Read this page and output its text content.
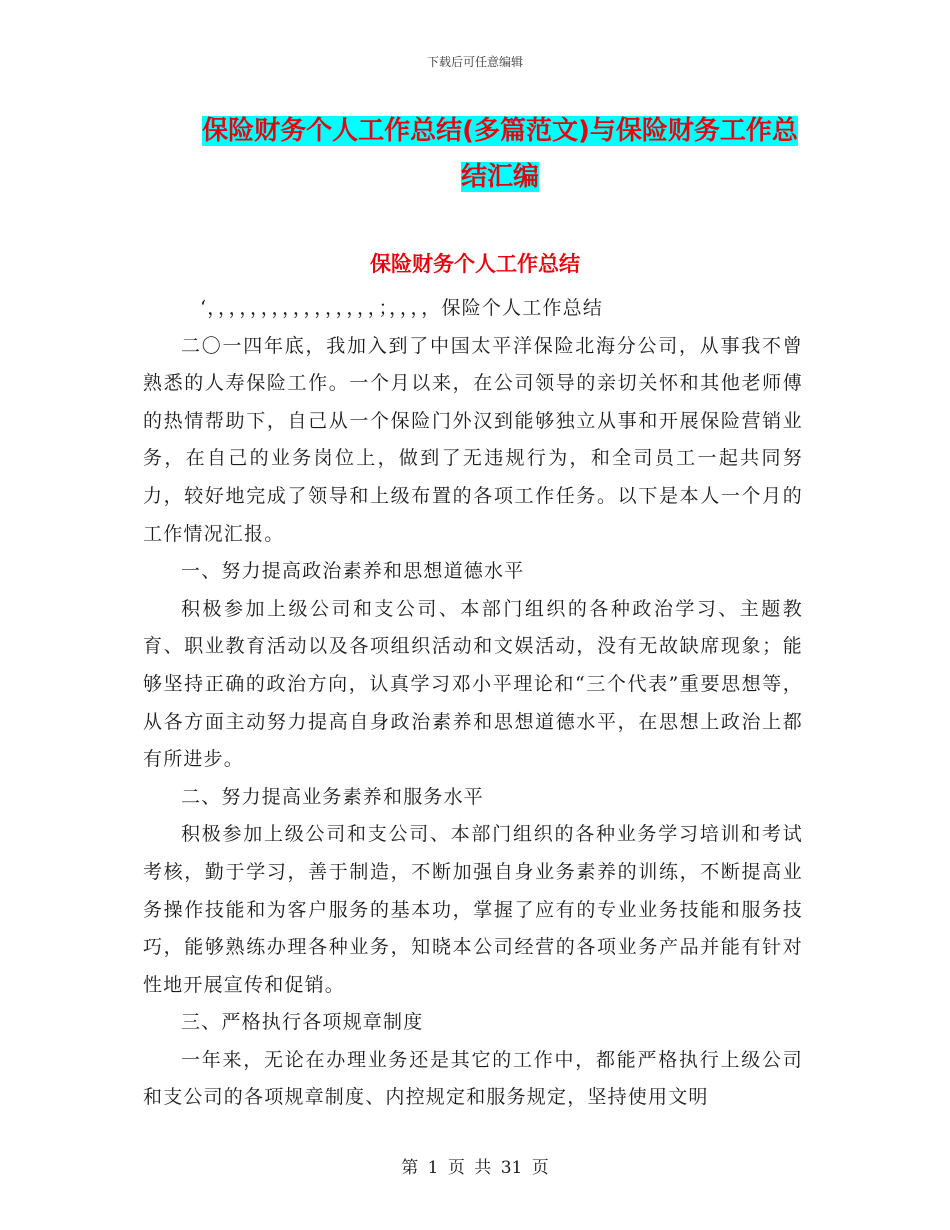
下载后可任意编辑
保险财务个人工作总结(多篇范文)与保险财务工作总
结汇编
保险财务个人工作总结

‘，，，，，，，，，，，，，，，，；，，，，保险个人工作总结

二〇一四年底，我加入到了中国太平洋保险北海分公司，从事我不曾熟悉的人寿保险工作。一个月以来，在公司领导的亲切关怀和其他老师傅的热情帮助下，自己从一个保险门外汉到能够独立从事和开展保险营销业务，在自己的业务岗位上，做到了无违规行为，和全司员工一起共同努力，较好地完成了领导和上级布置的各项工作任务。以下是本人一个月的工作情况汇报。

一、努力提高政治素养和思想道德水平

积极参加上级公司和支公司、本部门组织的各种政治学习、主题教育、职业教育活动以及各项组织活动和文娱活动，没有无故缺席现象；能够坚持正确的政治方向，认真学习邓小平理论和“三个代表”重要思想等，从各方面主动努力提高自身政治素养和思想道德水平，在思想上政治上都有所进步。

二、努力提高业务素养和服务水平

积极参加上级公司和支公司、本部门组织的各种业务学习培训和考试考核，勤于学习，善于制造，不断加强自身业务素养的训练，不断提高业务操作技能和为客户服务的基本功，掌握了应有的专业业务技能和服务技巧，能够熟练办理各种业务，知晓本公司经营的各项业务产品并能有针对性地开展宣传和促销。

三、严格执行各项规章制度

一年来，无论在办理业务还是其它的工作中，都能严格执行上级公司和支公司的各项规章制度、内控规定和服务规定，坚持使用文明

第 1 页 共 31 页
